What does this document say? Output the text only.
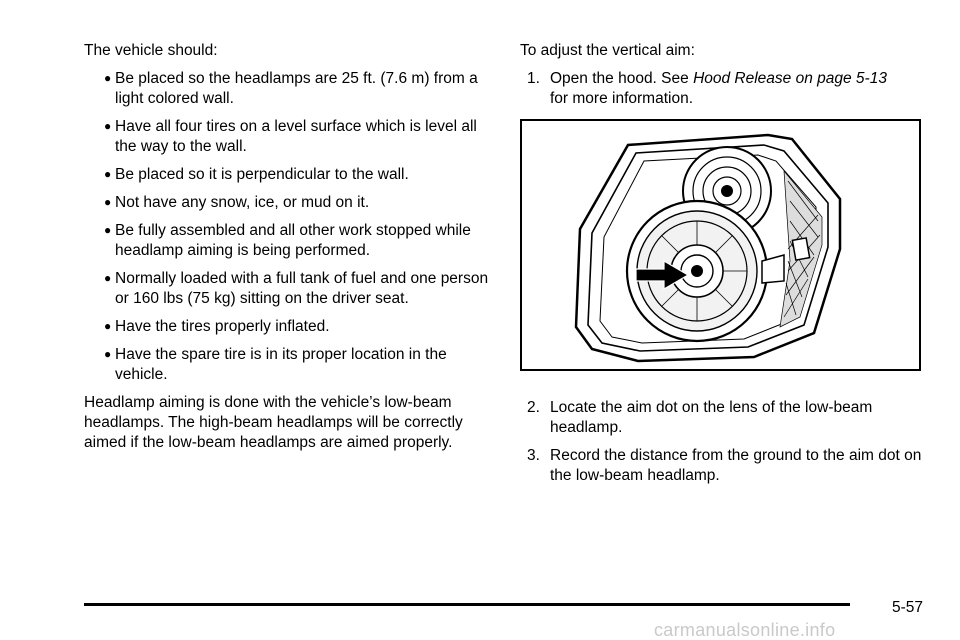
The vehicle should:

● Be placed so the headlamps are 25 ft. (7.6 m) from a light colored wall.
● Have all four tires on a level surface which is level all the way to the wall.
● Be placed so it is perpendicular to the wall.
● Not have any snow, ice, or mud on it.
● Be fully assembled and all other work stopped while headlamp aiming is being performed.
● Normally loaded with a full tank of fuel and one person or 160 lbs (75 kg) sitting on the driver seat.
● Have the tires properly inflated.
● Have the spare tire is in its proper location in the vehicle.

Headlamp aiming is done with the vehicle’s low-beam headlamps. The high-beam headlamps will be correctly aimed if the low-beam headlamps are aimed properly.

To adjust the vertical aim:

1. Open the hood. See Hood Release on page 5-13
for more information.
2. Locate the aim dot on the lens of the low-beam headlamp.
3. Record the distance from the ground to the aim dot on the low-beam headlamp.
5-57
carmanualsonline.info
